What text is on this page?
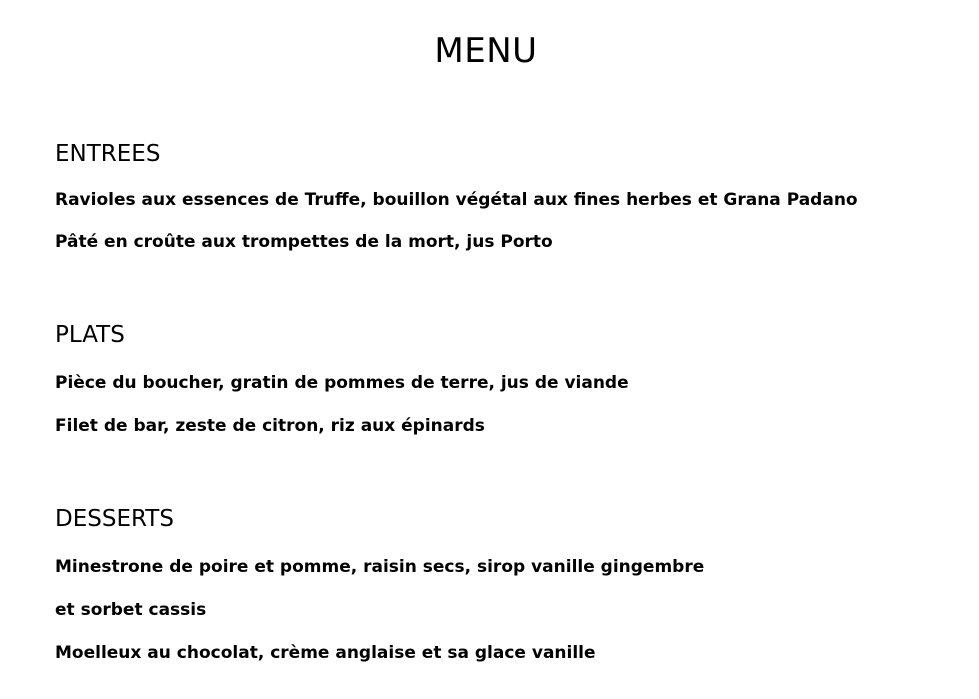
MENU
ENTREES

Ravioles aux essences de Truffe, bouillon végétal aux fines herbes et Grana Padano

Pâté en croûte aux trompettes de la mort, jus Porto

PLATS

Pièce du boucher, gratin de pommes de terre, jus de viande

Filet de bar, zeste de citron, riz aux épinards

DESSERTS

Minestrone de poire et pomme, raisin secs, sirop vanille gingembre

et sorbet cassis

Moelleux au chocolat, crème anglaise et sa glace vanille
